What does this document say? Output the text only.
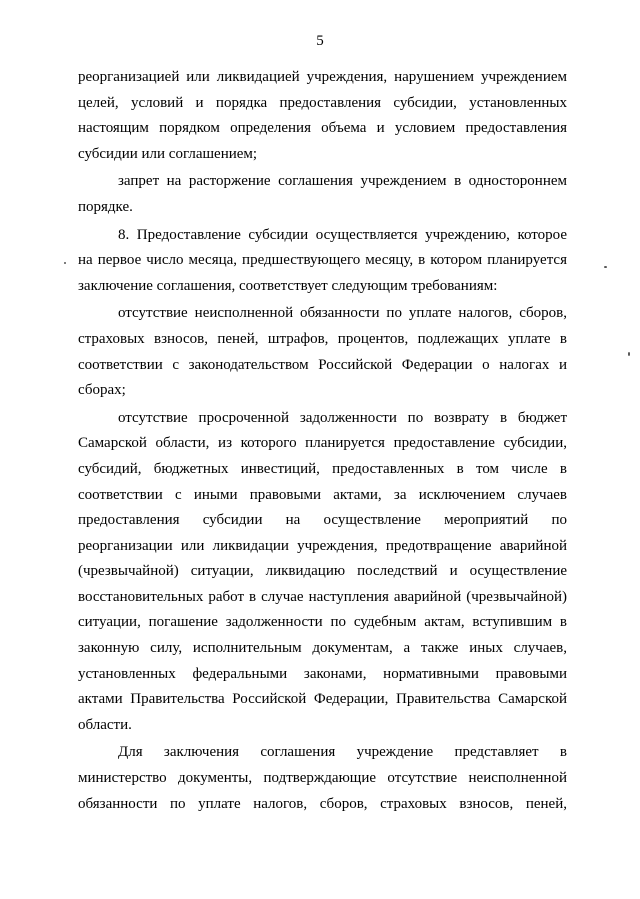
5
реорганизацией или ликвидацией учреждения, нарушением учреждением
целей, условий и порядка предоставления субсидии, установленных
настоящим порядком определения объема и условием предоставления
субсидии или соглашением;
запрет на расторжение соглашения учреждением в одностороннем
порядке.
8. Предоставление субсидии осуществляется учреждению, которое
на первое число месяца, предшествующего месяцу, в котором планируется
заключение соглашения, соответствует следующим требованиям:
отсутствие неисполненной обязанности по уплате налогов, сборов,
страховых взносов, пеней, штрафов, процентов, подлежащих уплате в
соответствии с законодательством Российской Федерации о налогах и
сборах;
отсутствие просроченной задолженности по возврату в бюджет
Самарской области, из которого планируется предоставление субсидии,
субсидий, бюджетных инвестиций, предоставленных в том числе в
соответствии с иными правовыми актами, за исключением случаев
предоставления субсидии на осуществление мероприятий по
реорганизации или ликвидации учреждения, предотвращение аварийной
(чрезвычайной) ситуации, ликвидацию последствий и осуществление
восстановительных работ в случае наступления аварийной (чрезвычайной)
ситуации, погашение задолженности по судебным актам, вступившим в
законную силу, исполнительным документам, а также иных случаев,
установленных федеральными законами, нормативными правовыми
актами Правительства Российской Федерации, Правительства Самарской
области.
Для заключения соглашения учреждение представляет в
министерство документы, подтверждающие отсутствие неисполненной
обязанности по уплате налогов, сборов, страховых взносов, пеней,
